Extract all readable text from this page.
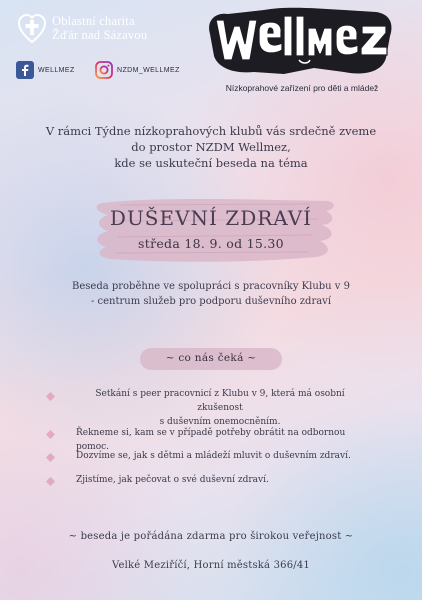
Oblastní charita
Žďár nad Sázavou
WELLMEZ	NZDM_WELLMEZ
Nízkoprahové zařízení pro děti a mládež
V rámci Týdne nízkoprahových klubů vás srdečně zveme
do prostor NZDM Wellmez,
kde se uskuteční beseda na téma
DUŠEVNÍ ZDRAVÍ
středa 18. 9. od 15.30
Beseda proběhne ve spolupráci s pracovníky Klubu v 9
- centrum služeb pro podporu duševního zdraví
~ co nás čeká ~
Setkání s peer pracovnicí z Klubu v 9, která má osobní zkušenost
s duševním onemocněním.
Řekneme si, kam se v případě potřeby obrátit na odbornou pomoc.
Dozvíme se, jak s dětmi a mládeží mluvit o duševním zdraví.
Zjistíme, jak pečovat o své duševní zdraví.
~ beseda je pořádána zdarma pro širokou veřejnost ~
Velké Meziříčí, Horní městská 366/41
